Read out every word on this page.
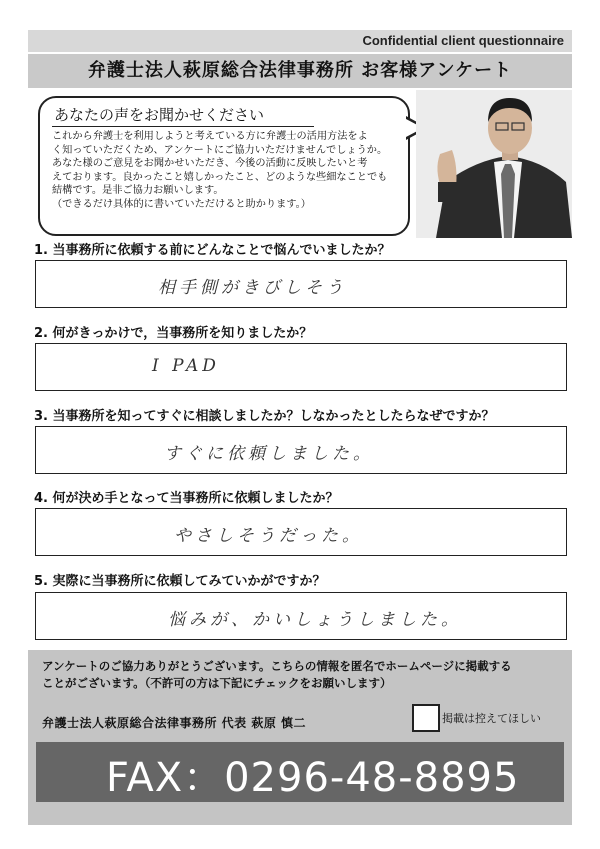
Confidential client questionnaire
弁護士法人萩原総合法律事務所 お客様アンケート
あなたの声をお聞かせください
これから弁護士を利用しようと考えている方に弁護士の活用方法をよ
く知っていただくため、アンケートにご協力いただけませんでしょうか。
あなた様のご意見をお聞かせいただき、今後の活動に反映したいと考
えております。良かったこと嬉しかったこと、どのような些細なことでも
結構です。是非ご協力お願いします。
（できるだけ具体的に書いていただけると助かります。）
1. 当事務所に依頼する前にどんなことで悩んでいましたか？
相手側がきびしそう
2. 何がきっかけで，当事務所を知りましたか？
I PAD
3. 当事務所を知ってすぐに相談しましたか？しなかったとしたらなぜですか？
すぐに依頼しました。
4. 何が決め手となって当事務所に依頼しましたか？
やさしそうだった。
5. 実際に当事務所に依頼してみていかがですか？
悩みが、かいしょうしました。
アンケートのご協力ありがとうございます。こちらの情報を匿名でホームページに掲載する
ことがございます。（不許可の方は下記にチェックをお願いします）
弁護士法人萩原総合法律事務所 代表 萩原 慎二	掲載は控えてほしい
FAX：0296-48-8895
